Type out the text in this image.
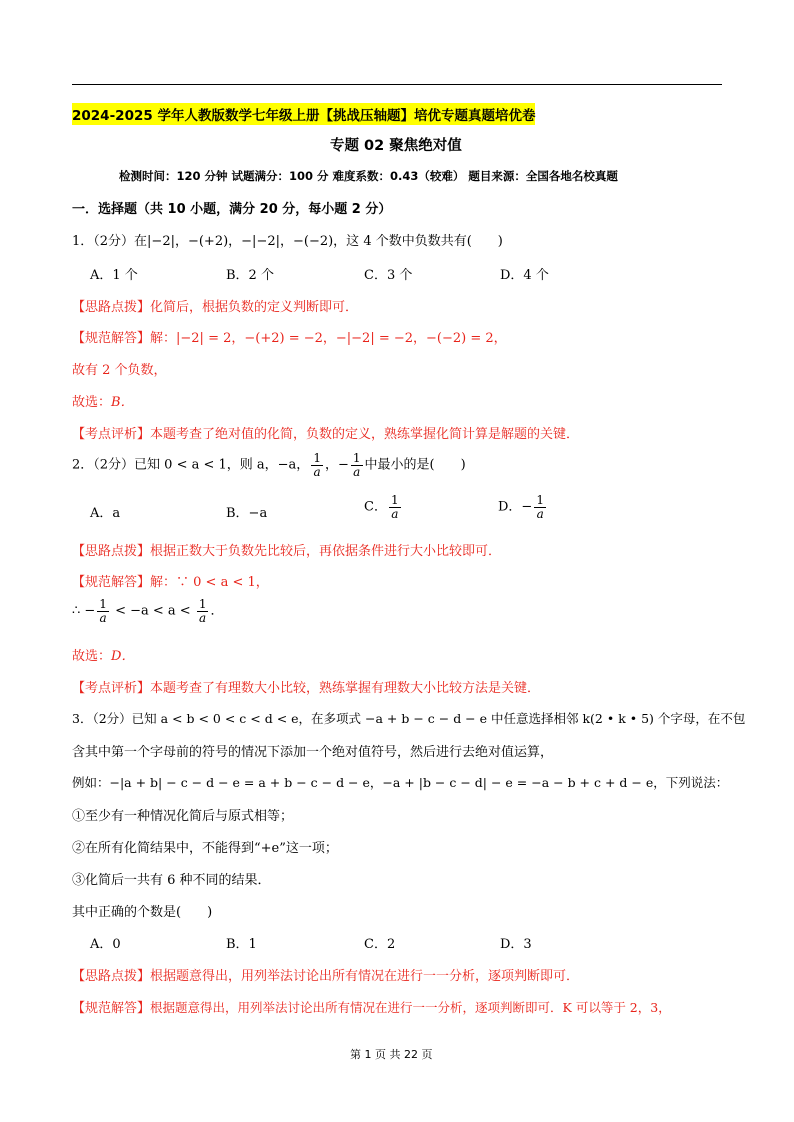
2024-2025 学年人教版数学七年级上册【挑战压轴题】培优专题真题培优卷
专题 02 聚焦绝对值
检测时间：120 分钟 试题满分：100 分 难度系数：0.43（较难） 题目来源：全国各地名校真题
一．选择题（共 10 小题，满分 20 分，每小题 2 分）
1．（2分）在|−2|，−(+2)，−|−2|，−(−2)，这 4 个数中负数共有(　　)
A．1 个	B．2 个	C．3 个	D．4 个
【思路点拨】化简后，根据负数的定义判断即可．
【规范解答】解：|−2| = 2，−(+2) = −2，−|−2| = −2，−(−2) = 2，
故有 2 个负数，
故选：B．
【考点评析】本题考查了绝对值的化简，负数的定义，熟练掌握化简计算是解题的关键．
2．（2分）已知 0 < a < 1，则 a，−a， $\frac{1}{a}$ ，− $\frac{1}{a}$ 中最小的是(　　)
A．a	B．−a	C． $\frac{1}{a}$	D．− $\frac{1}{a}$
【思路点拨】根据正数大于负数先比较后，再依据条件进行大小比较即可．
【规范解答】解：∵ 0 < a < 1，
∴ − $\frac{1}{a} < -a < a < \frac{1}{a}$ ．
故选：D．
【考点评析】本题考查了有理数大小比较，熟练掌握有理数大小比较方法是关键．
3．（2分）已知 a < b < 0 < c < d < e，在多项式 −a + b − c − d − e 中任意选择相邻 k(2 • k • 5) 个字母，在不包
含其中第一个字母前的符号的情况下添加一个绝对值符号，然后进行去绝对值运算，
例如：−|a + b| − c − d − e = a + b − c − d − e，−a + |b − c − d| − e = −a − b + c + d − e，下列说法：
①至少有一种情况化简后与原式相等；
②在所有化简结果中，不能得到“+e”这一项；
③化简后一共有 6 种不同的结果．
其中正确的个数是(　　)
A．0	B．1	C．2	D．3
【思路点拨】根据题意得出，用列举法讨论出所有情况在进行一一分析，逐项判断即可．
【规范解答】根据题意得出，用列举法讨论出所有情况在进行一一分析，逐项判断即可．K 可以等于 2，3，
第 1 页 共 22 页
